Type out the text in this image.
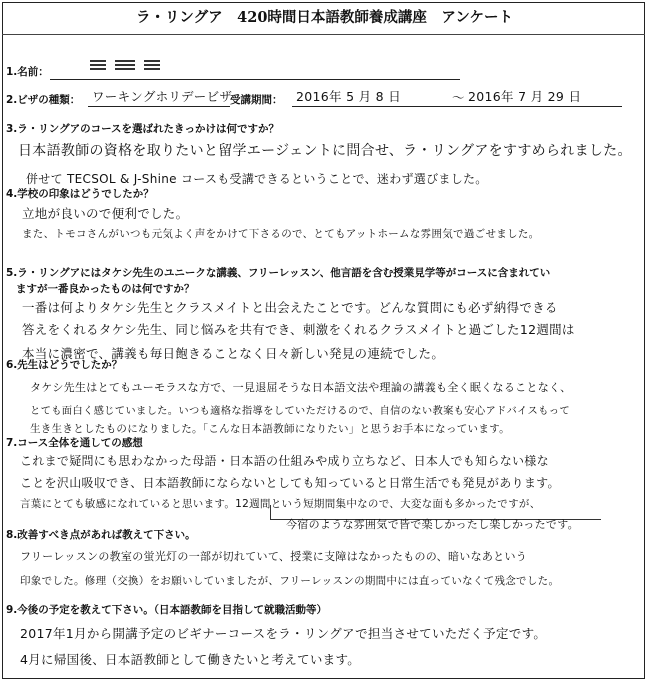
ラ・リングア　420時間日本語教師養成講座　アンケート
1.名前：
2.ビザの種類： ワーキングホリデービザ
受講期間： 2016年 5 月 8 日	～ 2016年 7 月 29 日
3.ラ・リングアのコースを選ばれたきっかけは何ですか？
日本語教師の資格を取りたいと留学エージェントに問合せ、ラ・リングアをすすめられました。
併せて TECSOL & J-Shine コースも受講できるということで、迷わず選びました。
4.学校の印象はどうでしたか？
立地が良いので便利でした。
また、トモコさんがいつも元気よく声をかけて下さるので、とてもアットホームな雰囲気で過ごせました。
5.ラ・リングアにはタケシ先生のユニークな講義、フリーレッスン、他言語を含む授業見学等がコースに含まれてい
ますが一番良かったものは何ですか？
一番は何よりタケシ先生とクラスメイトと出会えたことです。どんな質問にも必ず納得できる
答えをくれるタケシ先生、同じ悩みを共有でき、刺激をくれるクラスメイトと過ごした12週間は
本当に濃密で、講義も毎日飽きることなく日々新しい発見の連続でした。
6.先生はどうでしたか？
タケシ先生はとてもユーモラスな方で、一見退屈そうな日本語文法や理論の講義も全く眠くなることなく、
とても面白く感じていました。いつも適格な指導をしていただけるので、自信のない教案も安心アドバイスもって
生き生きとしたものになりました。「こんな日本語教師になりたい」と思うお手本になっています。
7.コース全体を通しての感想
これまで疑問にも思わなかった母語・日本語の仕組みや成り立ちなど、日本人でも知らない様な
ことを沢山吸収でき、日本語教師にならないとしても知っていると日常生活でも発見があります。
言葉にとても敏感になれていると思います。12週間という短期間集中なので、大変な面も多かったですが、
今宿のような雰囲気で皆で楽しかったし楽しかったです。
8.改善すべき点があれば教えて下さい。
フリーレッスンの教室の蛍光灯の一部が切れていて、授業に支障はなかったものの、暗いなあという
印象でした。修理（交換）をお願いしていましたが、フリーレッスンの期間中には直っていなくて残念でした。
9.今後の予定を教えて下さい。（日本語教師を目指して就職活動等）
2017年1月から開講予定のビギナーコースをラ・リングアで担当させていただく予定です。
4月に帰国後、日本語教師として働きたいと考えています。
